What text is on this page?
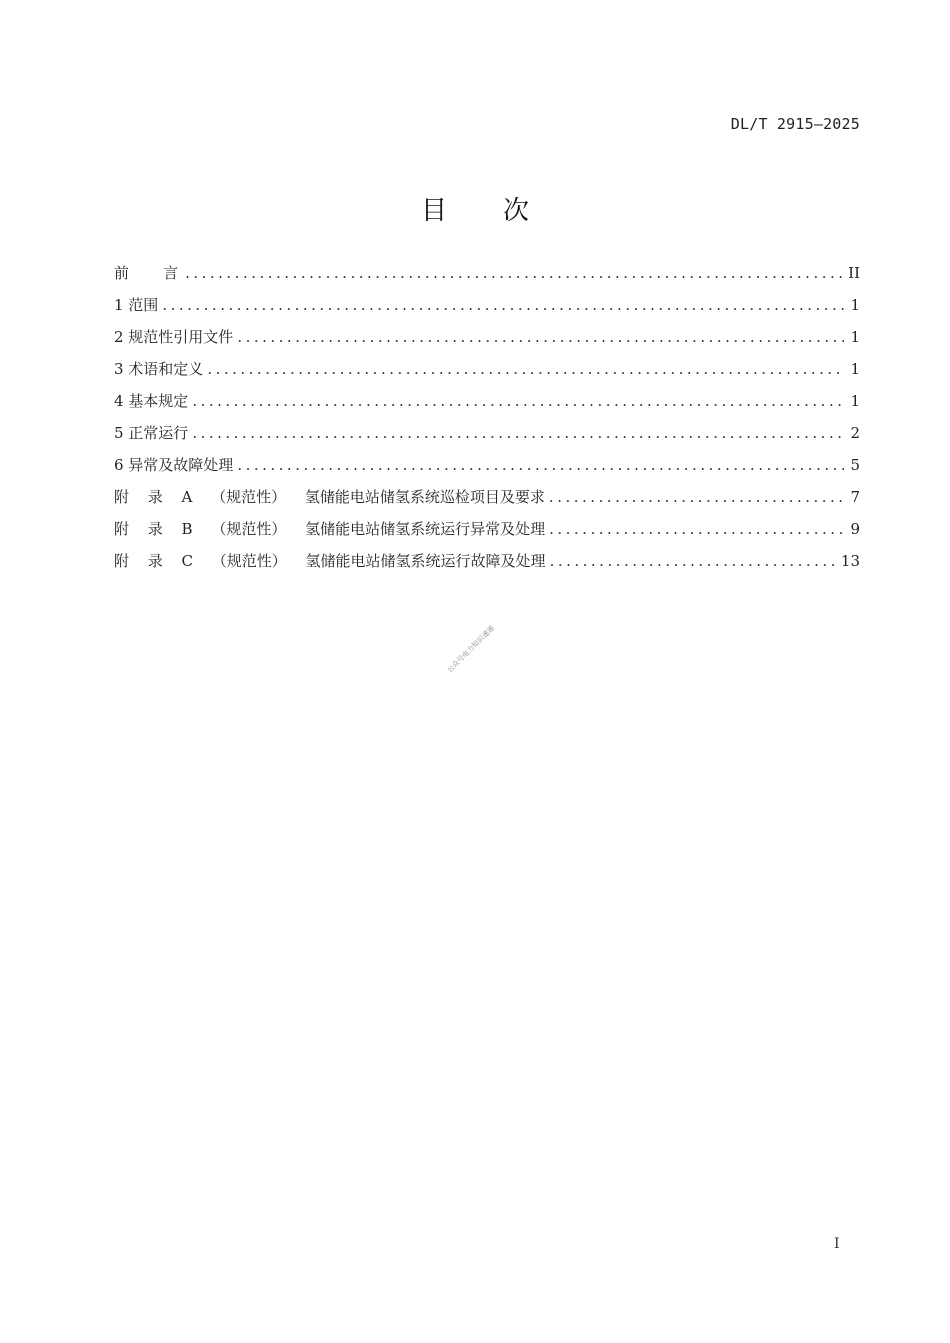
DL/T 2915—2025
目次
前    言 .....	II
1 范围 .....	1
2 规范性引用文件 .....	1
3 术语和定义 .....	1
4 基本规定 .....	1
5 正常运行 .....	2
6 异常及故障处理 .....	5
附 录 A （规范性） 氢储能电站储氢系统巡检项目及要求 .....	7
附 录 B （规范性） 氢储能电站储氢系统运行异常及处理 .....	9
附 录 C （规范性） 氢储能电站储氢系统运行故障及处理 .....	13
公众号电力知识速递
I
